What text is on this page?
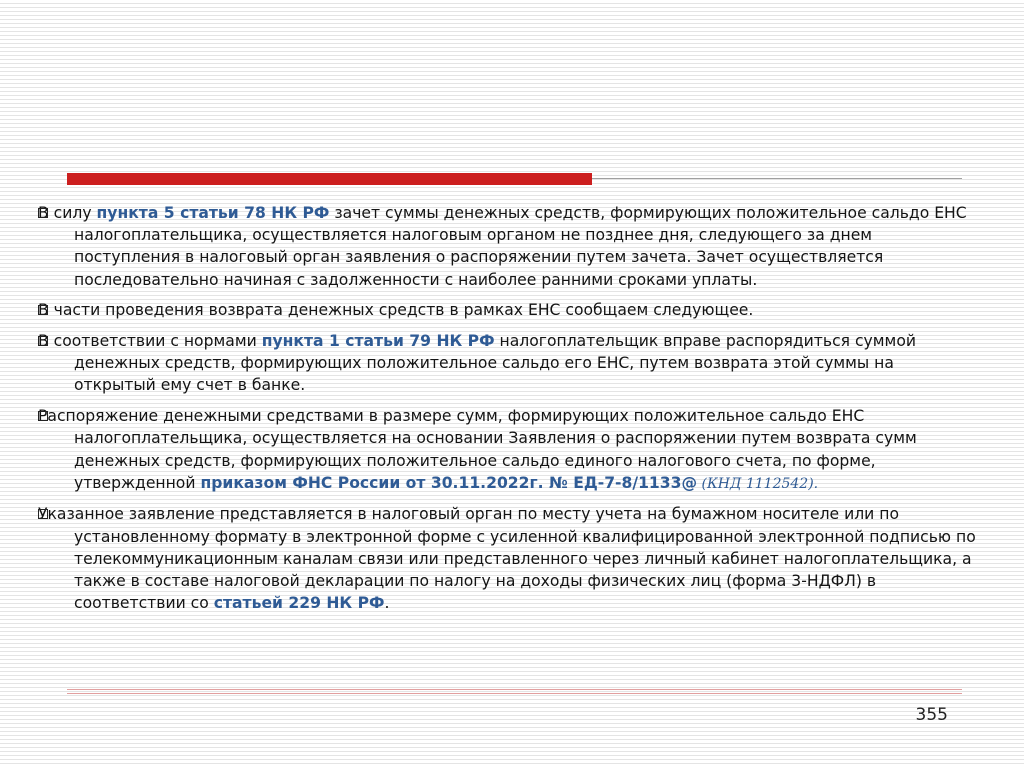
В силу пункта 5 статьи 78 НК РФ зачет суммы денежных средств, формирующих положительное сальдо ЕНС налогоплательщика, осуществляется налоговым органом не позднее дня, следующего за днем поступления в налоговый орган заявления о распоряжении путем зачета. Зачет осуществляется последовательно начиная с задолженности с наиболее ранними сроками уплаты.
В части проведения возврата денежных средств в рамках ЕНС сообщаем следующее.
В соответствии с нормами пункта 1 статьи 79 НК РФ налогоплательщик вправе распорядиться суммой денежных средств, формирующих положительное сальдо его ЕНС, путем возврата этой суммы на открытый ему счет в банке.
Распоряжение денежными средствами в размере сумм, формирующих положительное сальдо ЕНС налогоплательщика, осуществляется на основании Заявления о распоряжении путем возврата сумм денежных средств, формирующих положительное сальдо единого налогового счета, по форме, утвержденной приказом ФНС России от 30.11.2022г. № ЕД-7-8/1133@ (КНД 1112542).
Указанное заявление представляется в налоговый орган по месту учета на бумажном носителе или по установленному формату в электронной форме с усиленной квалифицированной электронной подписью по телекоммуникационным каналам связи или представленного через личный кабинет налогоплательщика, а также в составе налоговой декларации по налогу на доходы физических лиц (форма 3-НДФЛ) в соответствии со статьей 229 НК РФ.
355
